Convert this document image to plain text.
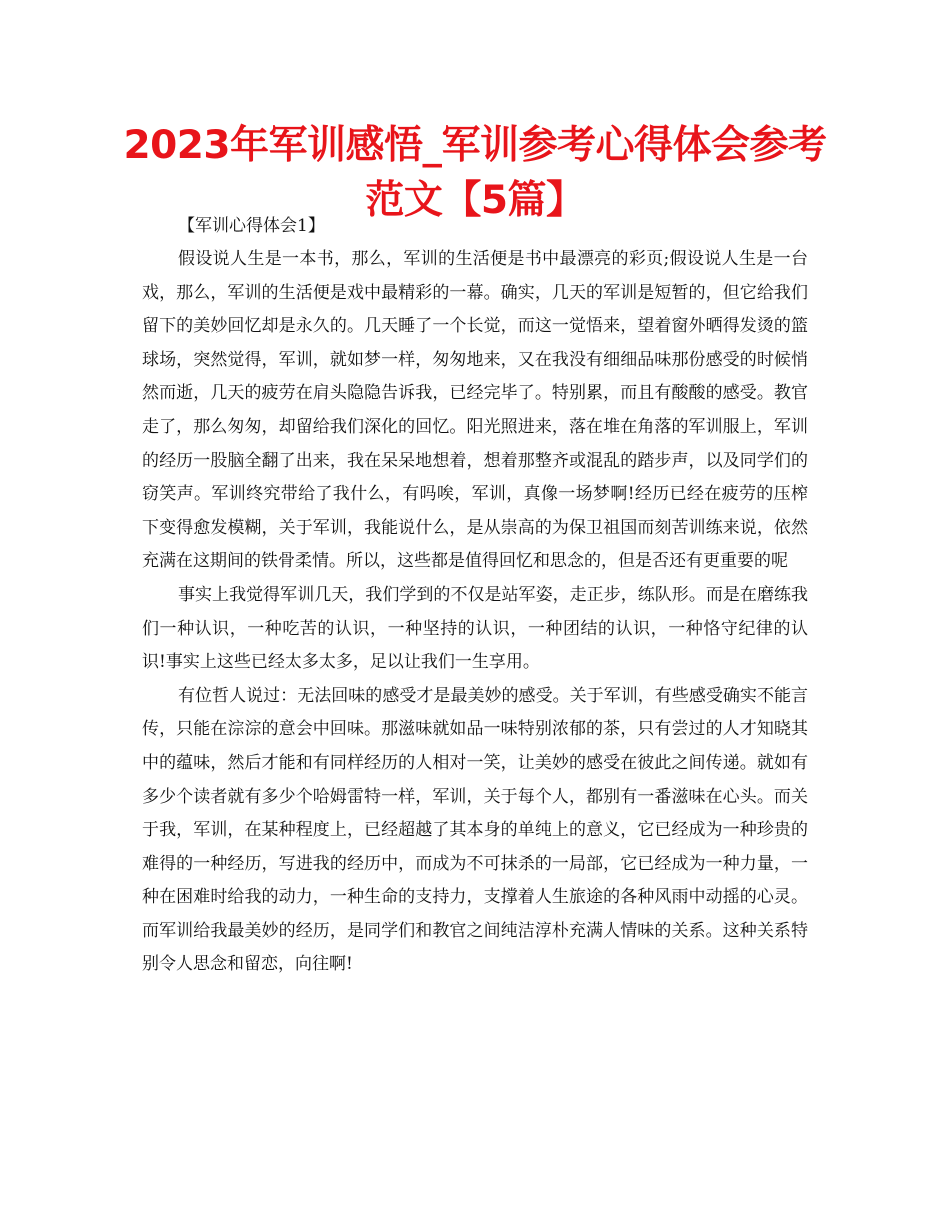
2023年军训感悟_军训参考心得体会参考范文【5篇】

【军训心得体会1】

假设说人生是一本书，那么，军训的生活便是书中最漂亮的彩页;假设说人生是一台戏，那么，军训的生活便是戏中最精彩的一幕。确实，几天的军训是短暂的，但它给我们留下的美妙回忆却是永久的。几天睡了一个长觉，而这一觉悟来，望着窗外晒得发烫的篮球场，突然觉得，军训，就如梦一样，匆匆地来，又在我没有细细品味那份感受的时候悄然而逝，几天的疲劳在肩头隐隐告诉我，已经完毕了。特别累，而且有酸酸的感受。教官走了，那么匆匆，却留给我们深化的回忆。阳光照进来，落在堆在角落的军训服上，军训的经历一股脑全翻了出来，我在呆呆地想着，想着那整齐或混乱的踏步声，以及同学们的窃笑声。军训终究带给了我什么，有吗唉，军训，真像一场梦啊!经历已经在疲劳的压榨下变得愈发模糊，关于军训，我能说什么，是从崇高的为保卫祖国而刻苦训练来说，依然充满在这期间的铁骨柔情。所以，这些都是值得回忆和思念的，但是否还有更重要的呢

事实上我觉得军训几天，我们学到的不仅是站军姿，走正步，练队形。而是在磨练我们一种认识，一种吃苦的认识，一种坚持的认识，一种团结的认识，一种恪守纪律的认识!事实上这些已经太多太多，足以让我们一生享用。

有位哲人说过：无法回味的感受才是最美妙的感受。关于军训，有些感受确实不能言传，只能在淙淙的意会中回味。那滋味就如品一味特别浓郁的茶，只有尝过的人才知晓其中的蕴味，然后才能和有同样经历的人相对一笑，让美妙的感受在彼此之间传递。就如有多少个读者就有多少个哈姆雷特一样，军训，关于每个人，都别有一番滋味在心头。而关于我，军训，在某种程度上，已经超越了其本身的单纯上的意义，它已经成为一种珍贵的难得的一种经历，写进我的经历中，而成为不可抹杀的一局部，它已经成为一种力量，一种在困难时给我的动力，一种生命的支持力，支撑着人生旅途的各种风雨中动摇的心灵。而军训给我最美妙的经历，是同学们和教官之间纯洁淳朴充满人情味的关系。这种关系特别令人思念和留恋，向往啊!
